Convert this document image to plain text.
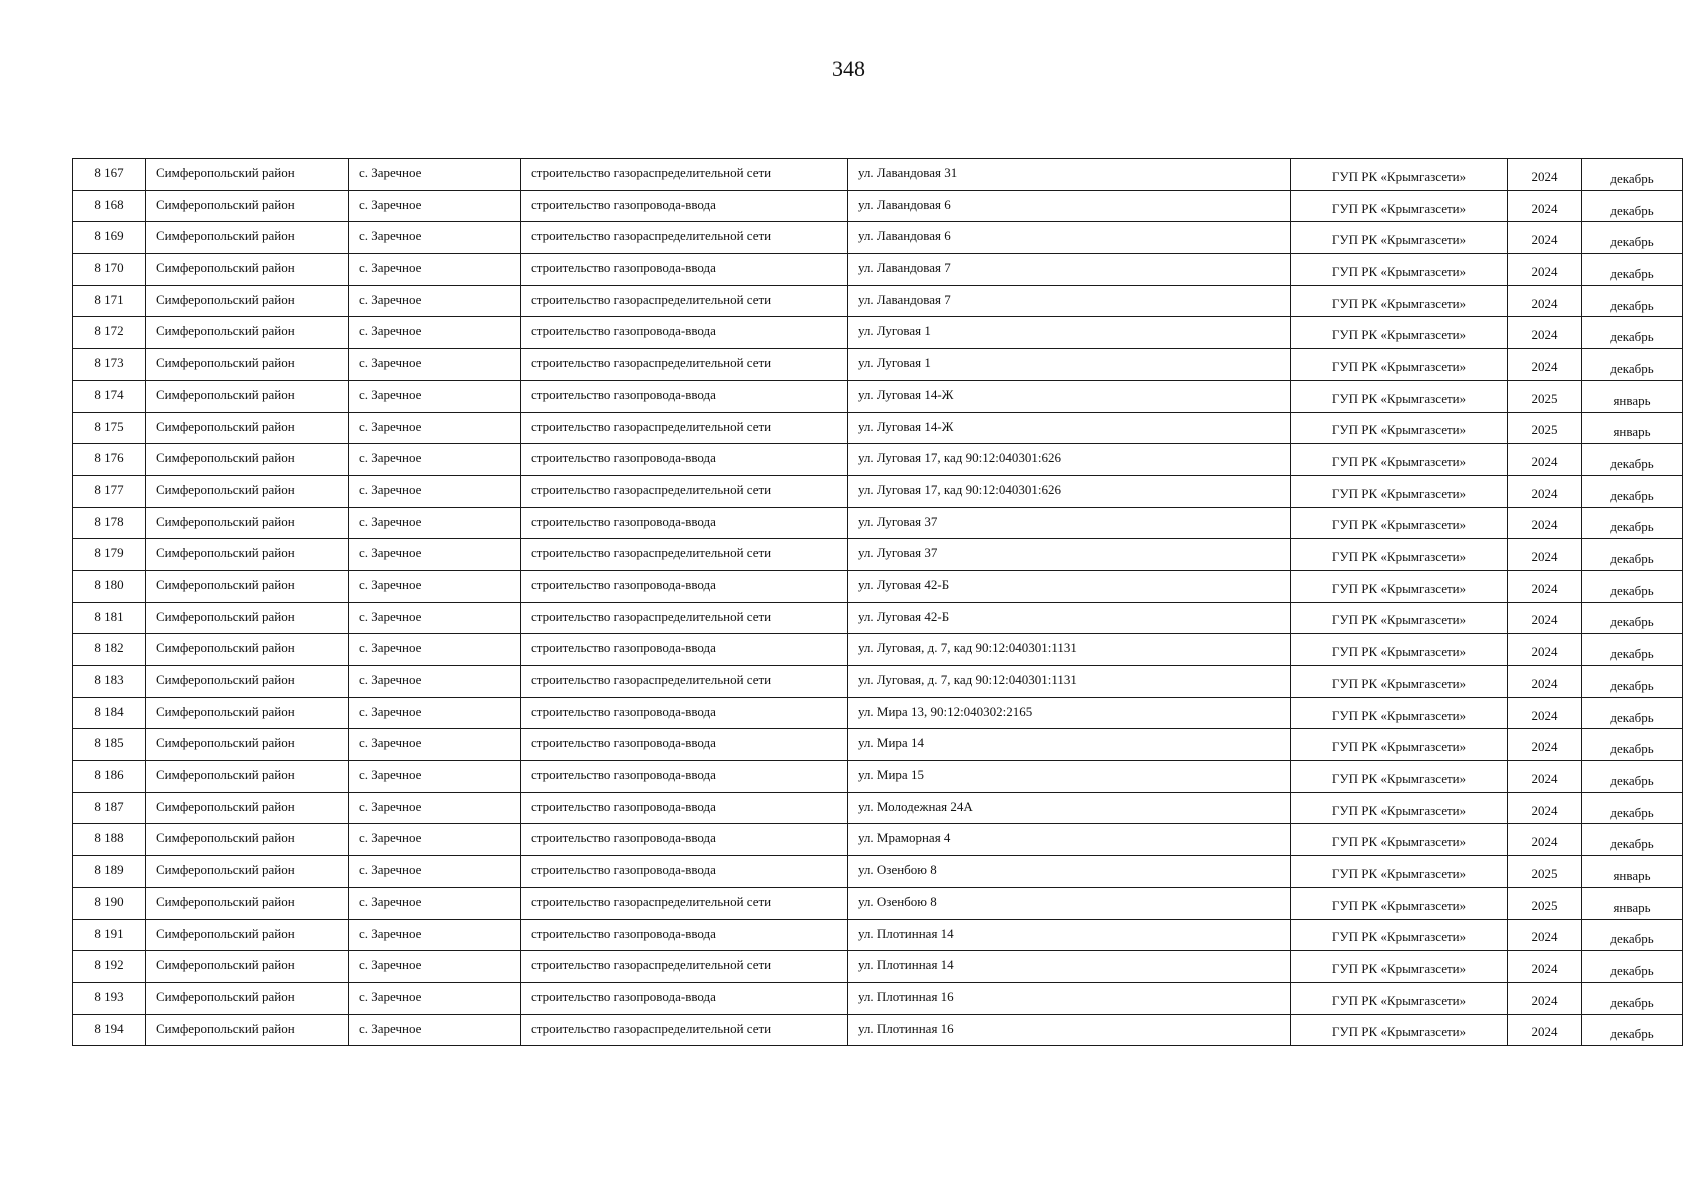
348
8 167	Симферопольский район	с. Заречное	строительство газораспределительной сети	ул. Лавандовая 31	ГУП РК «Крымгазсети»	2024	декабрь
8 168	Симферопольский район	с. Заречное	строительство газопровода-ввода	ул. Лавандовая 6	ГУП РК «Крымгазсети»	2024	декабрь
8 169	Симферопольский район	с. Заречное	строительство газораспределительной сети	ул. Лавандовая 6	ГУП РК «Крымгазсети»	2024	декабрь
8 170	Симферопольский район	с. Заречное	строительство газопровода-ввода	ул. Лавандовая 7	ГУП РК «Крымгазсети»	2024	декабрь
8 171	Симферопольский район	с. Заречное	строительство газораспределительной сети	ул. Лавандовая 7	ГУП РК «Крымгазсети»	2024	декабрь
8 172	Симферопольский район	с. Заречное	строительство газопровода-ввода	ул. Луговая 1	ГУП РК «Крымгазсети»	2024	декабрь
8 173	Симферопольский район	с. Заречное	строительство газораспределительной сети	ул. Луговая 1	ГУП РК «Крымгазсети»	2024	декабрь
8 174	Симферопольский район	с. Заречное	строительство газопровода-ввода	ул. Луговая 14-Ж	ГУП РК «Крымгазсети»	2025	январь
8 175	Симферопольский район	с. Заречное	строительство газораспределительной сети	ул. Луговая 14-Ж	ГУП РК «Крымгазсети»	2025	январь
8 176	Симферопольский район	с. Заречное	строительство газопровода-ввода	ул. Луговая 17, кад 90:12:040301:626	ГУП РК «Крымгазсети»	2024	декабрь
8 177	Симферопольский район	с. Заречное	строительство газораспределительной сети	ул. Луговая 17, кад 90:12:040301:626	ГУП РК «Крымгазсети»	2024	декабрь
8 178	Симферопольский район	с. Заречное	строительство газопровода-ввода	ул. Луговая 37	ГУП РК «Крымгазсети»	2024	декабрь
8 179	Симферопольский район	с. Заречное	строительство газораспределительной сети	ул. Луговая 37	ГУП РК «Крымгазсети»	2024	декабрь
8 180	Симферопольский район	с. Заречное	строительство газопровода-ввода	ул. Луговая 42-Б	ГУП РК «Крымгазсети»	2024	декабрь
8 181	Симферопольский район	с. Заречное	строительство газораспределительной сети	ул. Луговая 42-Б	ГУП РК «Крымгазсети»	2024	декабрь
8 182	Симферопольский район	с. Заречное	строительство газопровода-ввода	ул. Луговая, д. 7, кад 90:12:040301:1131	ГУП РК «Крымгазсети»	2024	декабрь
8 183	Симферопольский район	с. Заречное	строительство газораспределительной сети	ул. Луговая, д. 7, кад 90:12:040301:1131	ГУП РК «Крымгазсети»	2024	декабрь
8 184	Симферопольский район	с. Заречное	строительство газопровода-ввода	ул. Мира 13, 90:12:040302:2165	ГУП РК «Крымгазсети»	2024	декабрь
8 185	Симферопольский район	с. Заречное	строительство газопровода-ввода	ул. Мира 14	ГУП РК «Крымгазсети»	2024	декабрь
8 186	Симферопольский район	с. Заречное	строительство газопровода-ввода	ул. Мира 15	ГУП РК «Крымгазсети»	2024	декабрь
8 187	Симферопольский район	с. Заречное	строительство газопровода-ввода	ул. Молодежная 24А	ГУП РК «Крымгазсети»	2024	декабрь
8 188	Симферопольский район	с. Заречное	строительство газопровода-ввода	ул. Мраморная 4	ГУП РК «Крымгазсети»	2024	декабрь
8 189	Симферопольский район	с. Заречное	строительство газопровода-ввода	ул. Озенбою 8	ГУП РК «Крымгазсети»	2025	январь
8 190	Симферопольский район	с. Заречное	строительство газораспределительной сети	ул. Озенбою 8	ГУП РК «Крымгазсети»	2025	январь
8 191	Симферопольский район	с. Заречное	строительство газопровода-ввода	ул. Плотинная 14	ГУП РК «Крымгазсети»	2024	декабрь
8 192	Симферопольский район	с. Заречное	строительство газораспределительной сети	ул. Плотинная 14	ГУП РК «Крымгазсети»	2024	декабрь
8 193	Симферопольский район	с. Заречное	строительство газопровода-ввода	ул. Плотинная 16	ГУП РК «Крымгазсети»	2024	декабрь
8 194	Симферопольский район	с. Заречное	строительство газораспределительной сети	ул. Плотинная 16	ГУП РК «Крымгазсети»	2024	декабрь
